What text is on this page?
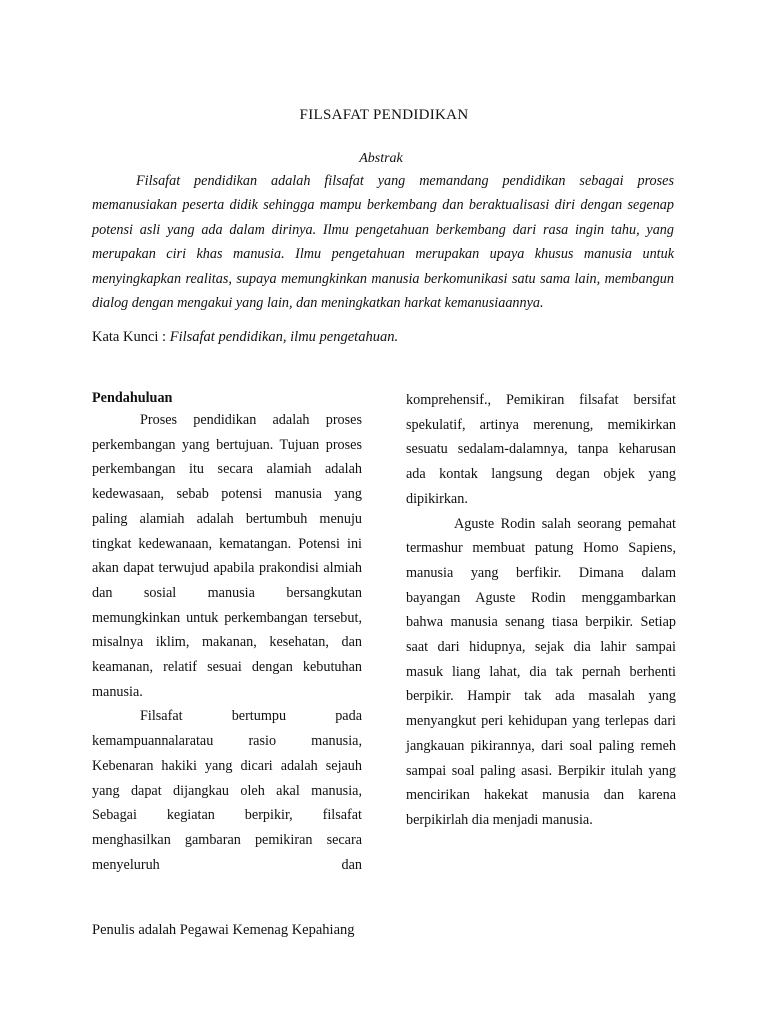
FILSAFAT PENDIDIKAN
Abstrak

Filsafat pendidikan adalah filsafat yang memandang pendidikan sebagai proses memanusiakan peserta didik sehingga mampu berkembang dan beraktualisasi diri dengan segenap potensi asli yang ada dalam dirinya. Ilmu pengetahuan berkembang dari rasa ingin tahu, yang merupakan ciri khas manusia. Ilmu pengetahuan merupakan upaya khusus manusia untuk menyingkapkan realitas, supaya memungkinkan manusia berkomunikasi satu sama lain, membangun dialog dengan mengakui yang lain, dan meningkatkan harkat kemanusiaannya.

Kata Kunci : Filsafat pendidikan, ilmu pengetahuan.
Pendahuluan

Proses pendidikan adalah proses perkembangan yang bertujuan. Tujuan proses perkembangan itu secara alamiah adalah kedewasaan, sebab potensi manusia yang paling alamiah adalah bertumbuh menuju tingkat kedewanaan, kematangan. Potensi ini akan dapat terwujud apabila prakondisi almiah dan sosial manusia bersangkutan memungkinkan untuk perkembangan tersebut, misalnya iklim, makanan, kesehatan, dan keamanan, relatif sesuai dengan kebutuhan manusia.

Filsafat bertumpu pada kemampuannalaratau rasio manusia, Kebenaran hakiki yang dicari adalah sejauh yang dapat dijangkau oleh akal manusia, Sebagai kegiatan berpikir, filsafat menghasilkan gambaran pemikiran secara menyeluruh dan

komprehensif., Pemikiran filsafat bersifat spekulatif, artinya merenung, memikirkan sesuatu sedalam-dalamnya, tanpa keharusan ada kontak langsung degan objek yang dipikirkan.

Aguste Rodin salah seorang pemahat termashur membuat patung Homo Sapiens, manusia yang berfikir. Dimana dalam bayangan Aguste Rodin menggambarkan bahwa manusia senang tiasa berpikir. Setiap saat dari hidupnya, sejak dia lahir sampai masuk liang lahat, dia tak pernah berhenti berpikir. Hampir tak ada masalah yang menyangkut peri kehidupan yang terlepas dari jangkauan pikirannya, dari soal paling remeh sampai soal paling asasi. Berpikir itulah yang mencirikan hakekat manusia dan karena berpikirlah dia menjadi manusia.

Penulis adalah Pegawai Kemenag Kepahiang
